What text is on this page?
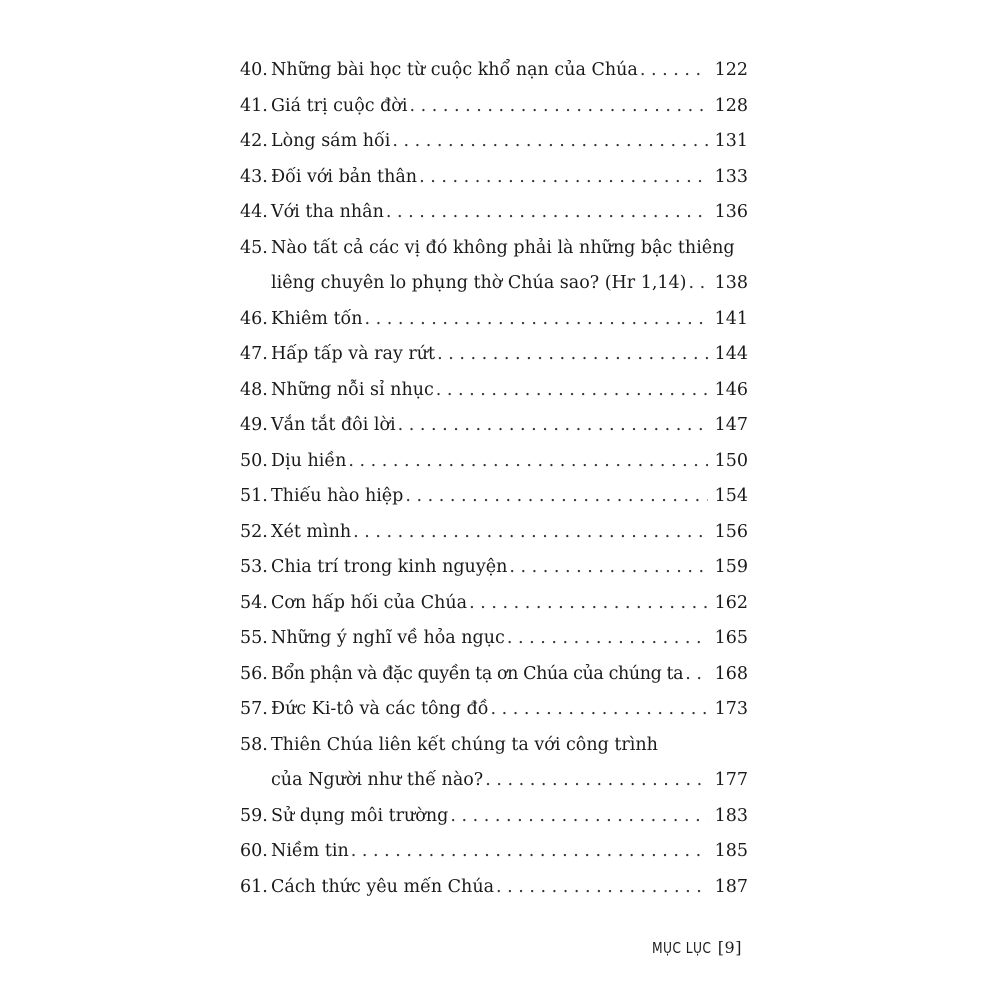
40. Những bài học từ cuộc khổ nạn của Chúa . . .	122
41. Giá trị cuộc đời . . .	128
42. Lòng sám hối . . .	131
43. Đối với bản thân . . .	133
44. Với tha nhân . . .	136
45. Nào tất cả các vị đó không phải là những bậc thiêng
liêng chuyên lo phụng thờ Chúa sao? (Hr 1,14) . . . 138
46. Khiêm tốn . . .	141
47. Hấp tấp và ray rứt . . .	144
48. Những nỗi sỉ nhục . . .	146
49. Vắn tắt đôi lời . . .	147
50. Dịu hiền . . .	150
51. Thiếu hào hiệp . . .	154
52. Xét mình . . .	156
53. Chia trí trong kinh nguyện . . .	159
54. Cơn hấp hối của Chúa . . .	162
55. Những ý nghĩ về hỏa ngục . . .	165
56. Bổn phận và đặc quyền tạ ơn Chúa của chúng ta . . . 168
57. Đức Ki-tô và các tông đồ . . .	173
58. Thiên Chúa liên kết chúng ta với công trình
của Người như thế nào? . . .	177
59. Sử dụng môi trường . . .	183
60. Niềm tin . . .	185
61. Cách thức yêu mến Chúa . . .	187
MỤC LỤC [9]
